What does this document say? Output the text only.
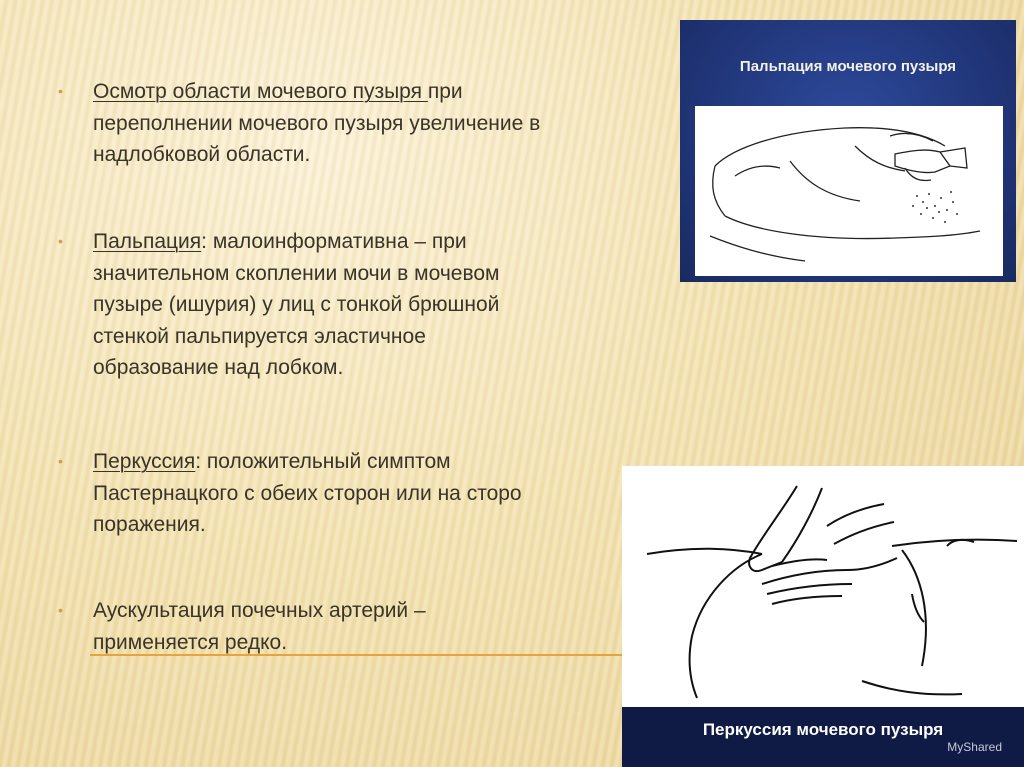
•	Осмотр области мочевого пузыря при
переполнении мочевого пузыря увеличение в
надлобковой области.
•	Пальпация: малоинформативна – при
значительном скоплении мочи в мочевом
пузыре (ишурия) у лиц с тонкой брюшной
стенкой пальпируется эластичное
образование над лобком.
•	Перкуссия: положительный симптом
Пастернацкого с обеих сторон или на сторо
поражения.
•	Аускультация почечных артерий –
применяется редко.
Пальпация мочевого пузыря
Перкуссия мочевого пузыря
MyShared
